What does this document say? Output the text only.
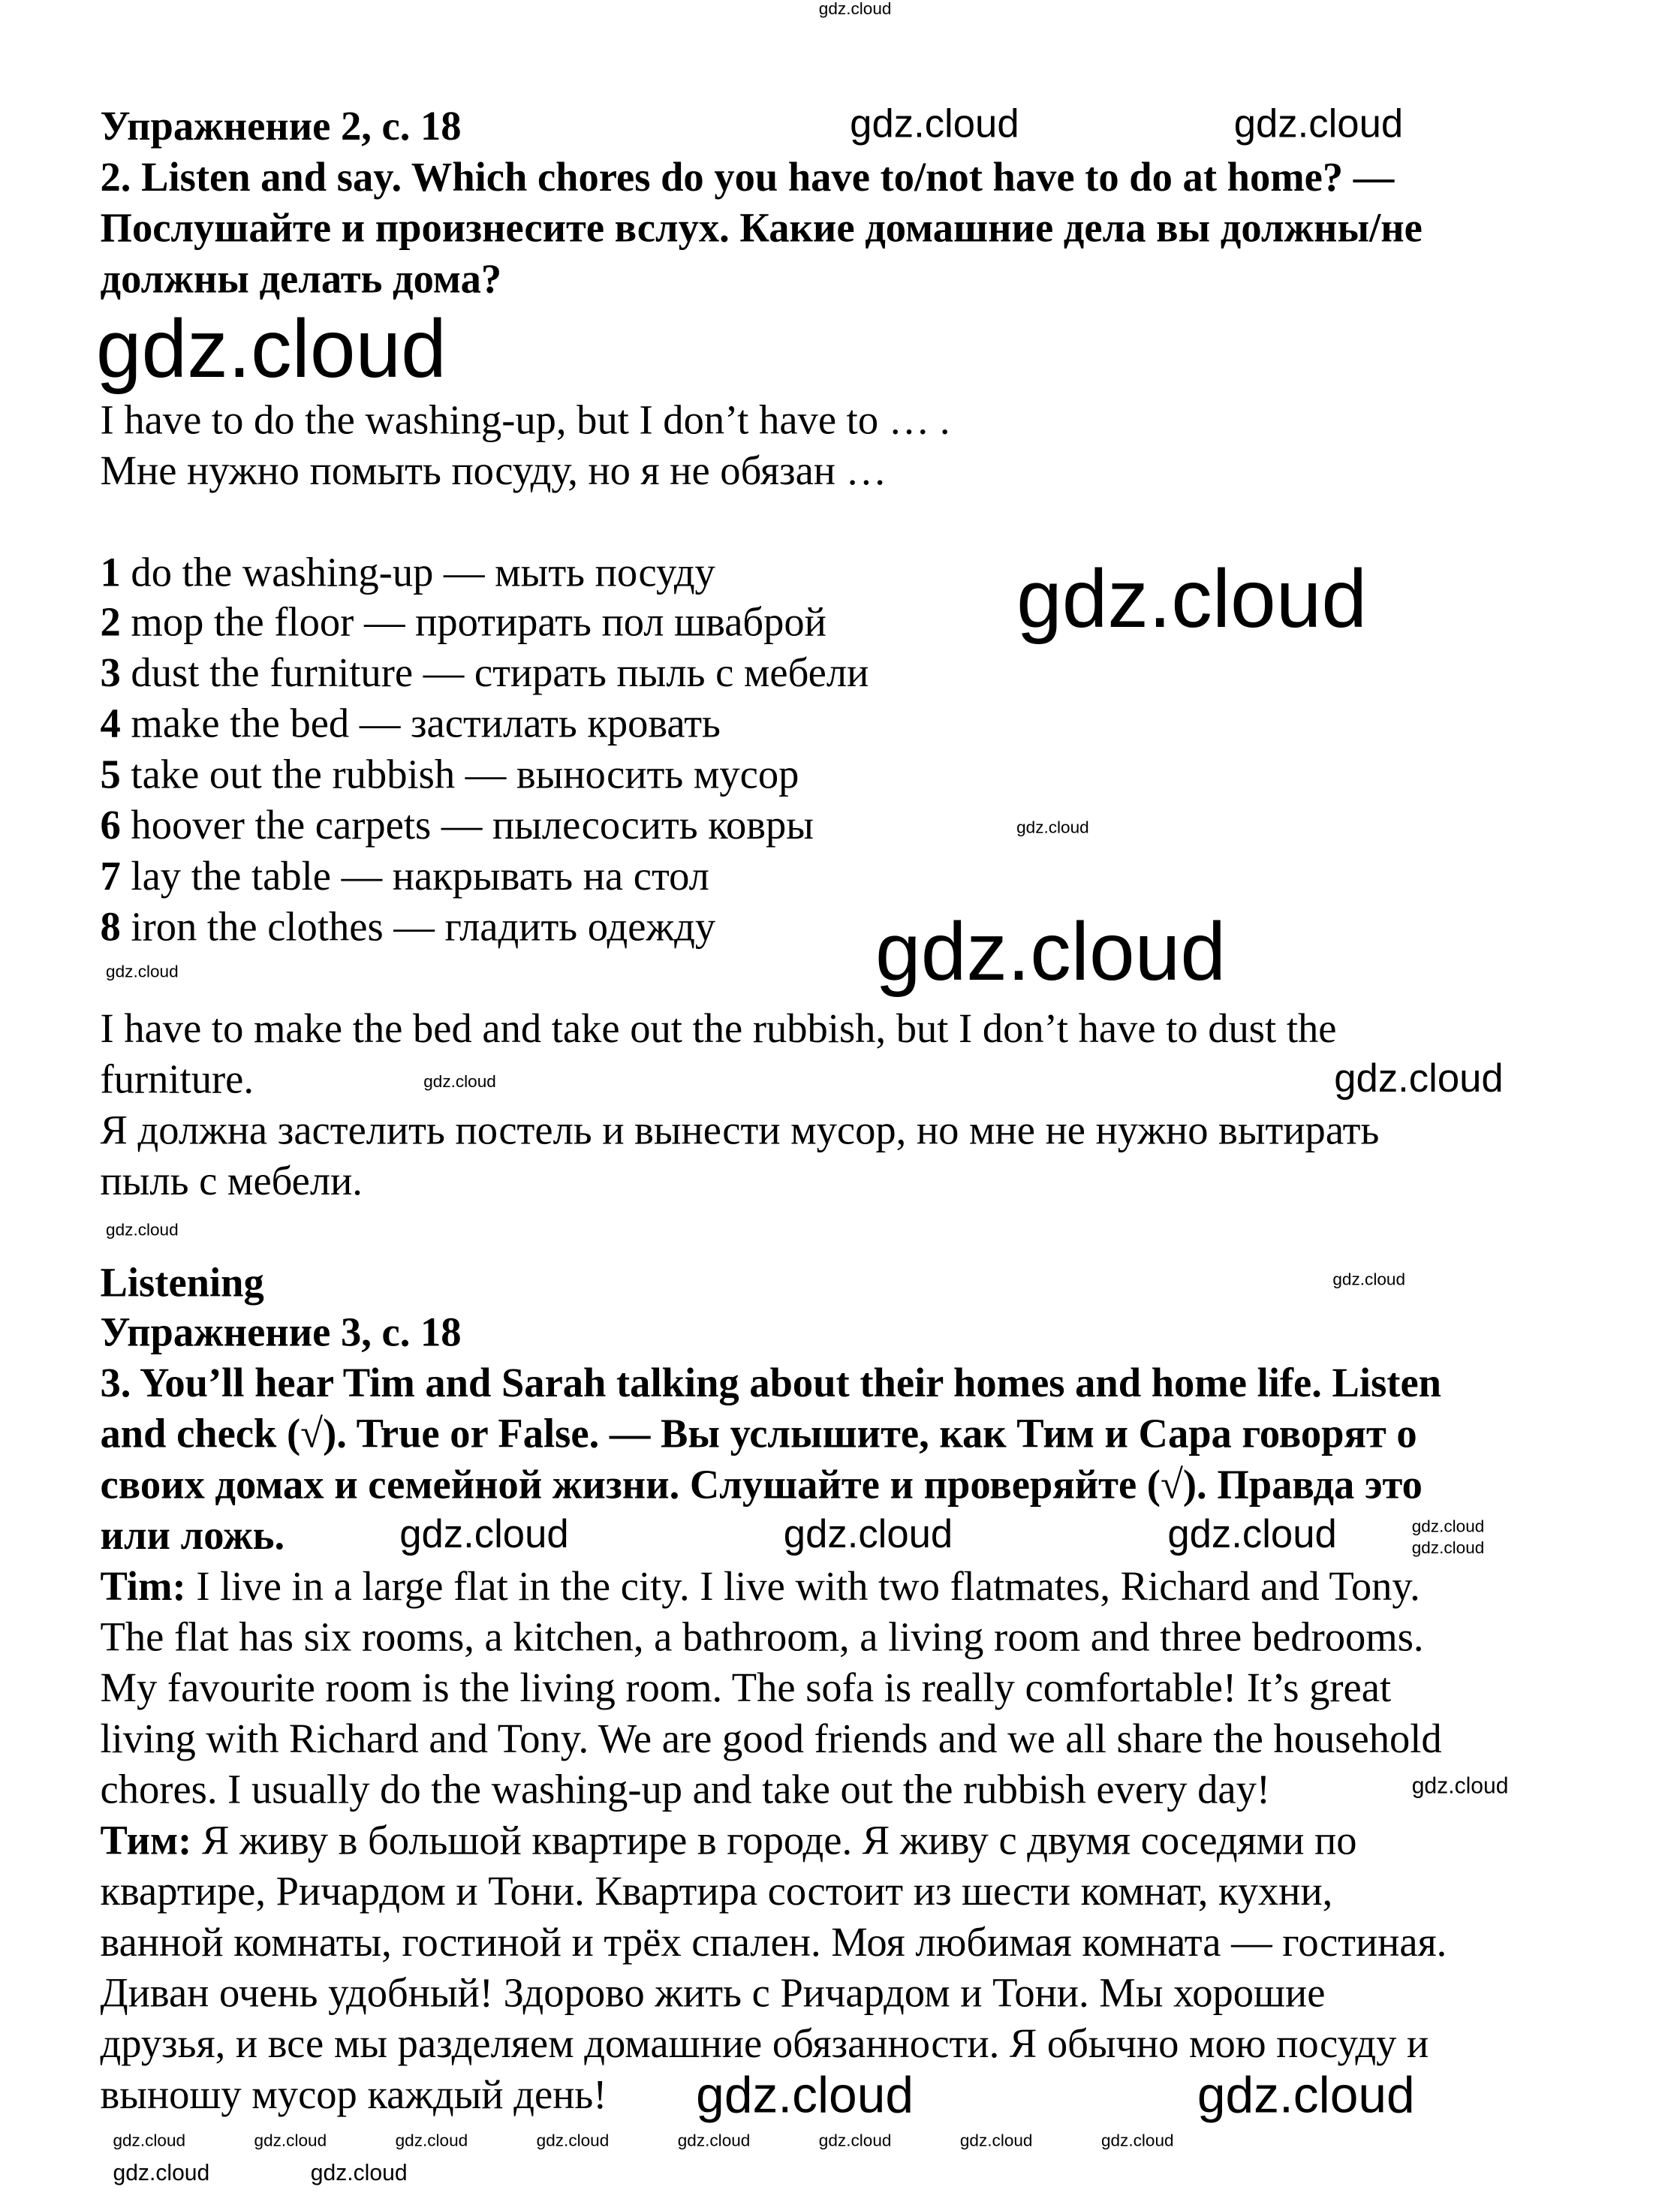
Упражнение 2, с. 18
2. Listen and say. Which chores do you have to/not have to do at home? —
Послушайте и произнесите вслух. Какие домашние дела вы должны/не
должны делать дома?
I have to do the washing-up, but I don’t have to … .
Мне нужно помыть посуду, но я не обязан …
1 do the washing-up — мыть посуду
2 mop the floor — протирать пол шваброй
3 dust the furniture — стирать пыль с мебели
4 make the bed — застилать кровать
5 take out the rubbish — выносить мусор
6 hoover the carpets — пылесосить ковры
7 lay the table — накрывать на стол
8 iron the clothes — гладить одежду
I have to make the bed and take out the rubbish, but I don’t have to dust the
furniture.
Я должна застелить постель и вынести мусор, но мне не нужно вытирать
пыль с мебели.
Listening
Упражнение 3, с. 18
3. You’ll hear Tim and Sarah talking about their homes and home life. Listen
and check (√). True or False. — Вы услышите, как Тим и Сара говорят о
своих домах и семейной жизни. Слушайте и проверяйте (√). Правда это
или ложь.
Tim: I live in a large flat in the city. I live with two flatmates, Richard and Tony.
The flat has six rooms, a kitchen, a bathroom, a living room and three bedrooms.
My favourite room is the living room. The sofa is really comfortable! It’s great
living with Richard and Tony. We are good friends and we all share the household
chores. I usually do the washing-up and take out the rubbish every day!
Тим: Я живу в большой квартире в городе. Я живу с двумя соседями по
квартире, Ричардом и Тони. Квартира состоит из шести комнат, кухни,
ванной комнаты, гостиной и трёх спален. Моя любимая комната — гостиная.
Диван очень удобный! Здорово жить с Ричардом и Тони. Мы хорошие
друзья, и все мы разделяем домашние обязанности. Я обычно мою посуду и
выношу мусор каждый день!
gdz.cloud
gdz.cloud	gdz.cloud
gdz.cloud
gdz.cloud
gdz.cloud
gdz.cloud	gdz.cloud
gdz.cloud
gdz.cloud
gdz.cloud
gdz.cloud
gdz.cloud
gdz.cloud
gdz.cloud	gdz.cloud	gdz.cloud
gdz.cloud	gdz.cloud	gdz.cloud	gdz.cloud	gdz.cloud	gdz.cloud
gdz.cloud
gdz.cloud
gdz.cloud
gdz.cloud
gdz.cloud
gdz.cloud	gdz.cloud
